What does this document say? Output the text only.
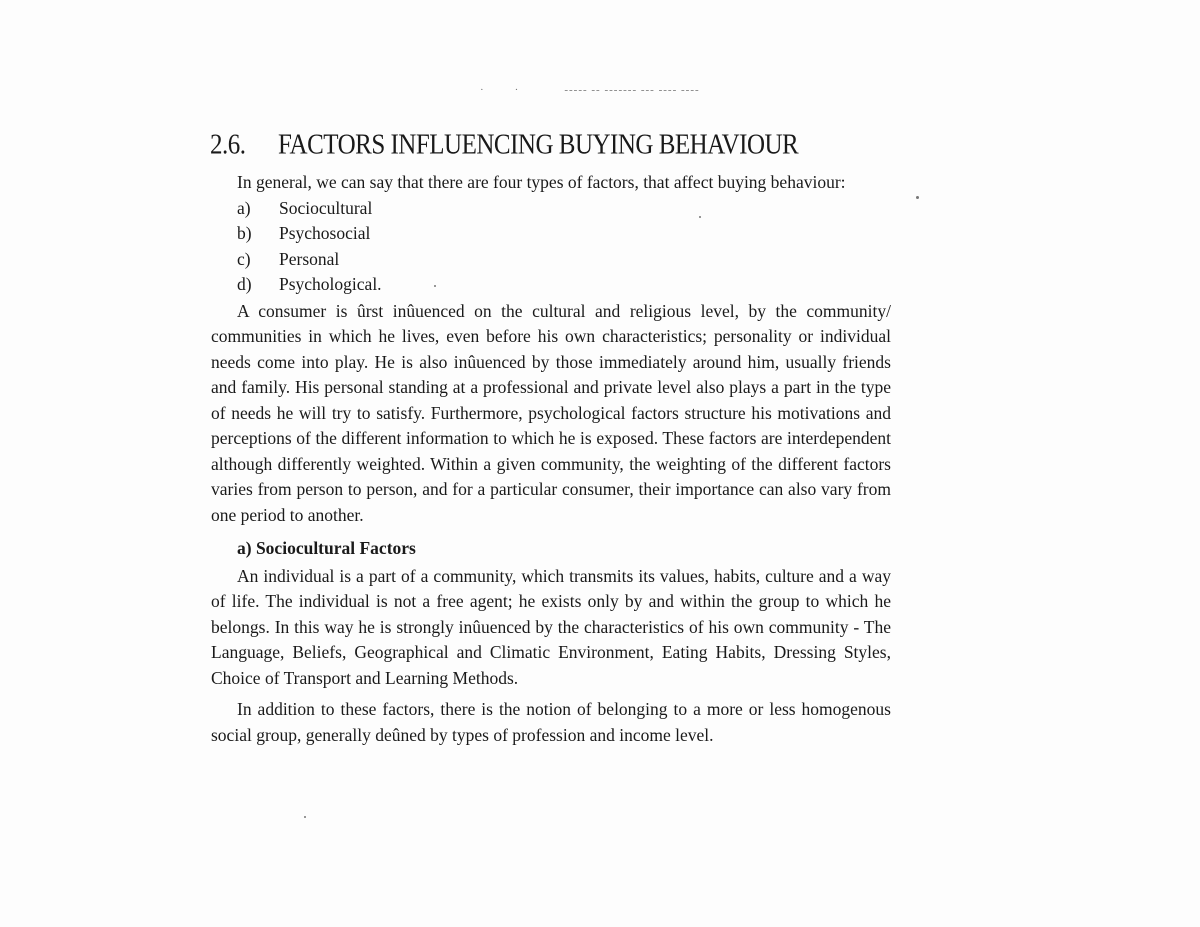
·        ·            ‐‐‐‐‐ ‐‐ ‐‐‐‐‐‐‐ ‐‐‐ ‐‐‐‐ ‐‐‐‐
2.6. FACTORS INFLUENCING BUYING BEHAVIOUR

In general, we can say that there are four types of factors, that affect buying behaviour:

a)	Sociocultural
b)	Psychosocial
c)	Personal
d)	Psychological.

A consumer is ûrst inûuenced on the cultural and religious level, by the community/ communities in which he lives, even before his own characteristics; personality or individual needs come into play. He is also inûuenced by those immediately around him, usually friends and family. His personal standing at a professional and private level also plays a part in the type of needs he will try to satisfy. Furthermore, psychological factors structure his motivations and perceptions of the different information to which he is exposed. These factors are interdependent although differently weighted. Within a given community, the weighting of the different factors varies from person to person, and for a particular consumer, their importance can also vary from one period to another.

a) Sociocultural Factors

An individual is a part of a community, which transmits its values, habits, culture and a way of life. The individual is not a free agent; he exists only by and within the group to which he belongs. In this way he is strongly inûuenced by the characteristics of his own community - The Language, Beliefs, Geographical and Climatic Environment, Eating Habits, Dressing Styles, Choice of Transport and Learning Methods.

In addition to these factors, there is the notion of belonging to a more or less homogenous social group, generally deûned by types of profession and income level.
